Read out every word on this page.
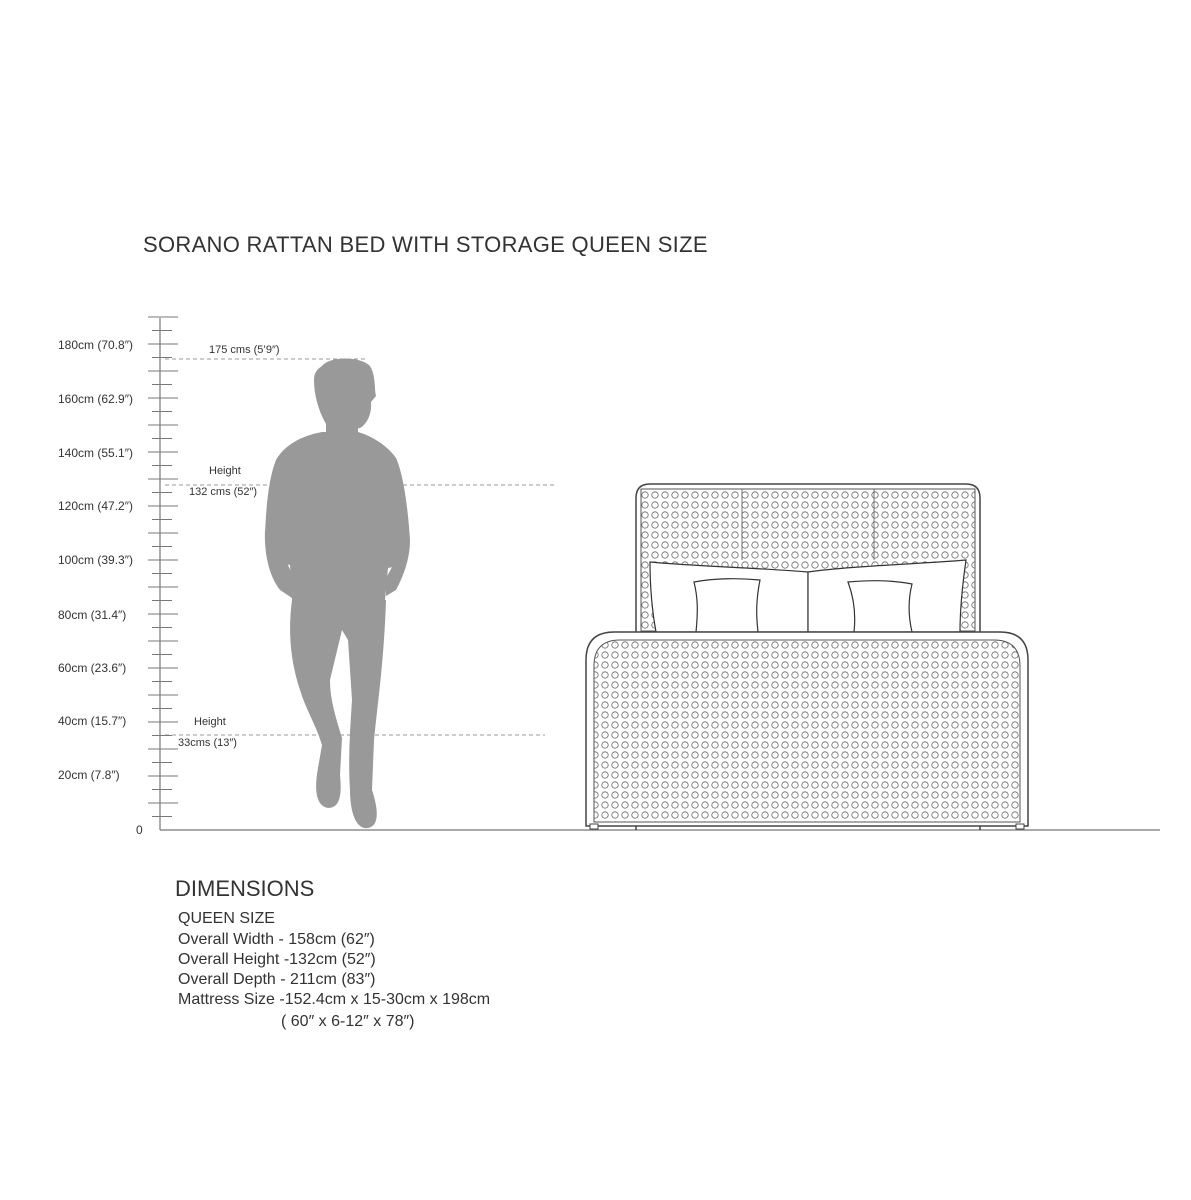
SORANO RATTAN BED WITH STORAGE QUEEN SIZE
0
20cm (7.8″)
40cm (15.7″)
60cm (23.6″)
80cm (31.4″)
100cm (39.3″)
120cm (47.2″)
140cm (55.1″)
160cm (62.9″)
180cm (70.8″)	175 cms (5’9″)
Height
132 cms (52″)
Height
33cms (13″)
DIMENSIONS
QUEEN SIZE
Overall Width - 158cm (62″)
Overall Height -132cm (52″)
Overall Depth - 211cm (83″)
Mattress Size -152.4cm x 15-30cm x 198cm
( 60″ x 6-12″ x 78″)
